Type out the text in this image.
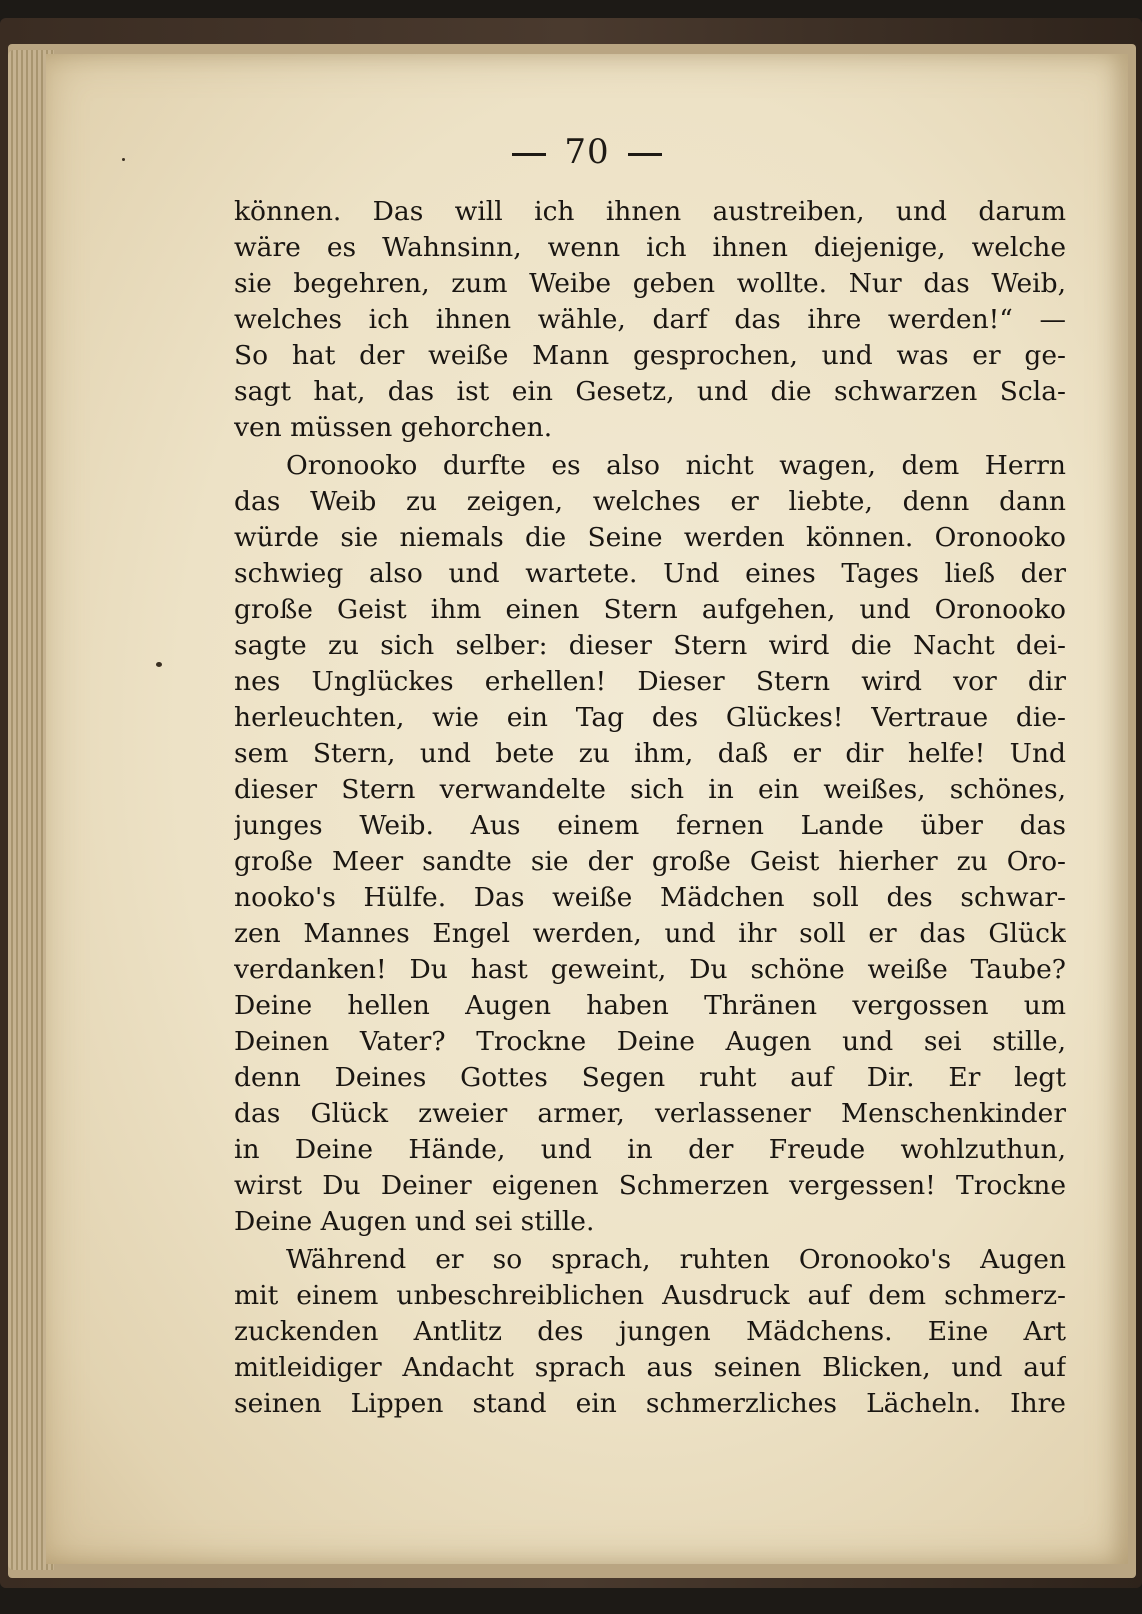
70
können. Das will ich ihnen austreiben, und darum
wäre es Wahnsinn, wenn ich ihnen diejenige, welche
sie begehren, zum Weibe geben wollte. Nur das Weib,
welches ich ihnen wähle, darf das ihre werden!“ —
So hat der weiße Mann gesprochen, und was er ge-
sagt hat, das ist ein Gesetz, und die schwarzen Scla-
ven müssen gehorchen.
Oronooko durfte es also nicht wagen, dem Herrn
das Weib zu zeigen, welches er liebte, denn dann
würde sie niemals die Seine werden können. Oronooko
schwieg also und wartete. Und eines Tages ließ der
große Geist ihm einen Stern aufgehen, und Oronooko
sagte zu sich selber: dieser Stern wird die Nacht dei-
nes Unglückes erhellen! Dieser Stern wird vor dir
herleuchten, wie ein Tag des Glückes! Vertraue die-
sem Stern, und bete zu ihm, daß er dir helfe! Und
dieser Stern verwandelte sich in ein weißes, schönes,
junges Weib. Aus einem fernen Lande über das
große Meer sandte sie der große Geist hierher zu Oro-
nooko's Hülfe. Das weiße Mädchen soll des schwar-
zen Mannes Engel werden, und ihr soll er das Glück
verdanken! Du hast geweint, Du schöne weiße Taube?
Deine hellen Augen haben Thränen vergossen um
Deinen Vater? Trockne Deine Augen und sei stille,
denn Deines Gottes Segen ruht auf Dir. Er legt
das Glück zweier armer, verlassener Menschenkinder
in Deine Hände, und in der Freude wohlzuthun,
wirst Du Deiner eigenen Schmerzen vergessen! Trockne
Deine Augen und sei stille.
Während er so sprach, ruhten Oronooko's Augen
mit einem unbeschreiblichen Ausdruck auf dem schmerz-
zuckenden Antlitz des jungen Mädchens. Eine Art
mitleidiger Andacht sprach aus seinen Blicken, und auf
seinen Lippen stand ein schmerzliches Lächeln. Ihre
